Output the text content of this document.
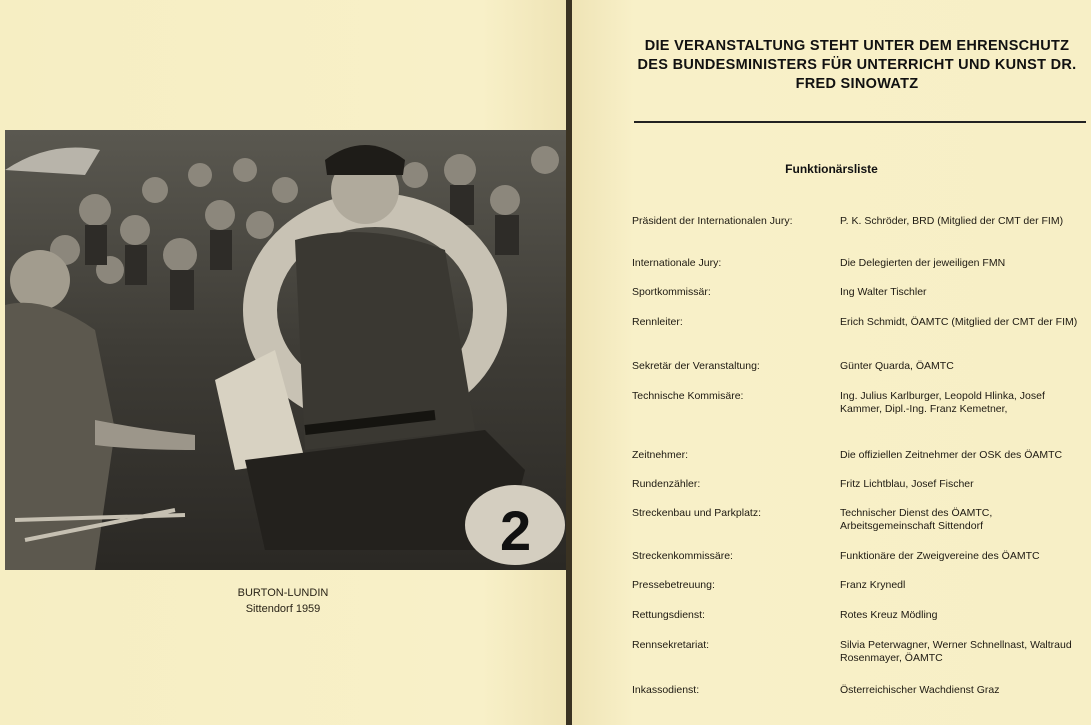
2
BURTON-LUNDIN
Sittendorf 1959
DIE VERANSTALTUNG STEHT UNTER DEM EHRENSCHUTZ DES BUNDESMINISTERS FÜR UNTERRICHT UND KUNST DR. FRED SINOWATZ
Funktionärsliste
Präsident der Internationalen Jury:	P. K. Schröder, BRD (Mitglied der CMT der FIM)
Internationale Jury:	Die Delegierten der jeweiligen FMN
Sportkommissär:	Ing Walter Tischler
Rennleiter:	Erich Schmidt, ÖAMTC (Mitglied der CMT der FIM)
Sekretär der Veranstaltung:	Günter Quarda, ÖAMTC
Technische Kommisäre:	Ing. Julius Karlburger, Leopold Hlinka, Josef Kammer, Dipl.-Ing. Franz Kemetner,
Zeitnehmer:	Die offiziellen Zeitnehmer der OSK des ÖAMTC
Rundenzähler:	Fritz Lichtblau, Josef Fischer
Streckenbau und Parkplatz:	Technischer Dienst des ÖAMTC, Arbeitsgemeinschaft Sittendorf
Streckenkommissäre:	Funktionäre der Zweigvereine des ÖAMTC
Pressebetreuung:	Franz Krynedl
Rettungsdienst:	Rotes Kreuz Mödling
Rennsekretariat:	Silvia Peterwagner, Werner Schnellnast, Waltraud Rosenmayer, ÖAMTC
Inkassodienst:	Österreichischer Wachdienst Graz
